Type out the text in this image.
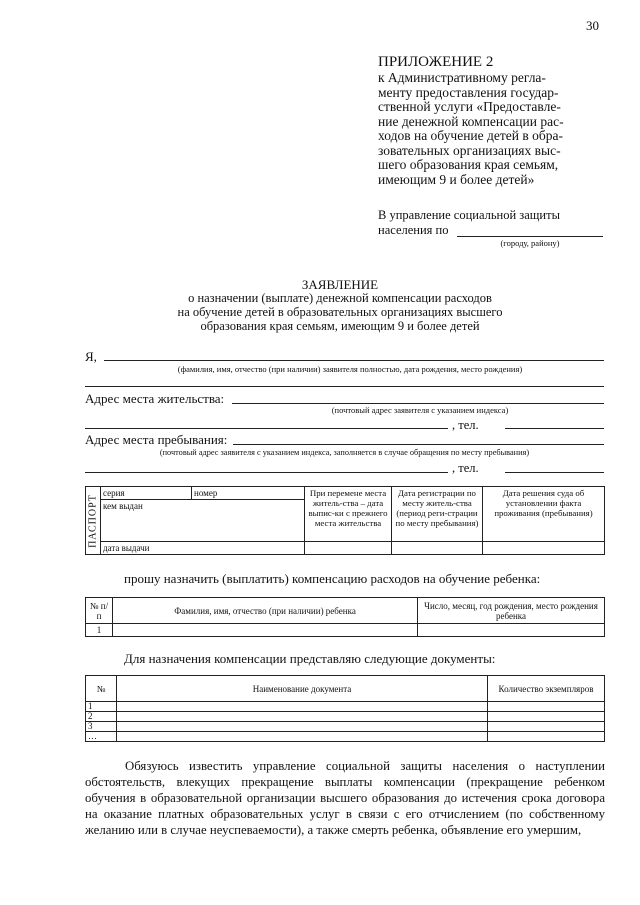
30
ПРИЛОЖЕНИЕ 2
к Административному регла-
менту предоставления государ-
ственной услуги «Предоставле-
ние денежной компенсации рас-
ходов на обучение детей в обра-
зовательных организациях выс-
шего образования края семьям,
имеющим 9 и более детей»
В управление социальной защиты
населения по
(городу, району)
ЗАЯВЛЕНИЕ
о назначении (выплате) денежной компенсации расходов
на обучение детей в образовательных организациях высшего
образования края семьям, имеющим 9 и более детей
Я,
(фамилия, имя, отчество (при наличии) заявителя полностью, дата рождения, место рождения)
Адрес места жительства:
(почтовый адрес заявителя с указанием индекса)
, тел.
Адрес места пребывания:
(почтовый адрес заявителя с указанием индекса, заполняется в случае обращения по месту пребывания)
, тел.
ПАСПОРТ	серия	номер	При перемене места житель-ства – дата выпис-ки с прежнего места жительства	Дата регистрации по месту житель-ства (период реги-страции по месту пребывания)	Дата решения суда об установлении факта проживания (пребывания)
	кем выдан				
	дата выдачи				
прошу назначить (выплатить) компенсацию расходов на обучение ребенка:
№ п/п	Фамилия, имя, отчество (при наличии) ребенка	Число, месяц, год рождения, место рождения ребенка
1		
Для назначения компенсации представляю следующие документы:
№	Наименование документа	Количество экземпляров
1		
2		
3		
…		
Обязуюсь известить управление социальной защиты населения о наступлении обстоятельств, влекущих прекращение выплаты компенсации (прекращение ребенком обучения в образовательной организации высшего образования до истечения срока договора на оказание платных образовательных услуг в связи с его отчислением (по собственному желанию или в случае неуспеваемости), а также смерть ребенка, объявление его умершим,
